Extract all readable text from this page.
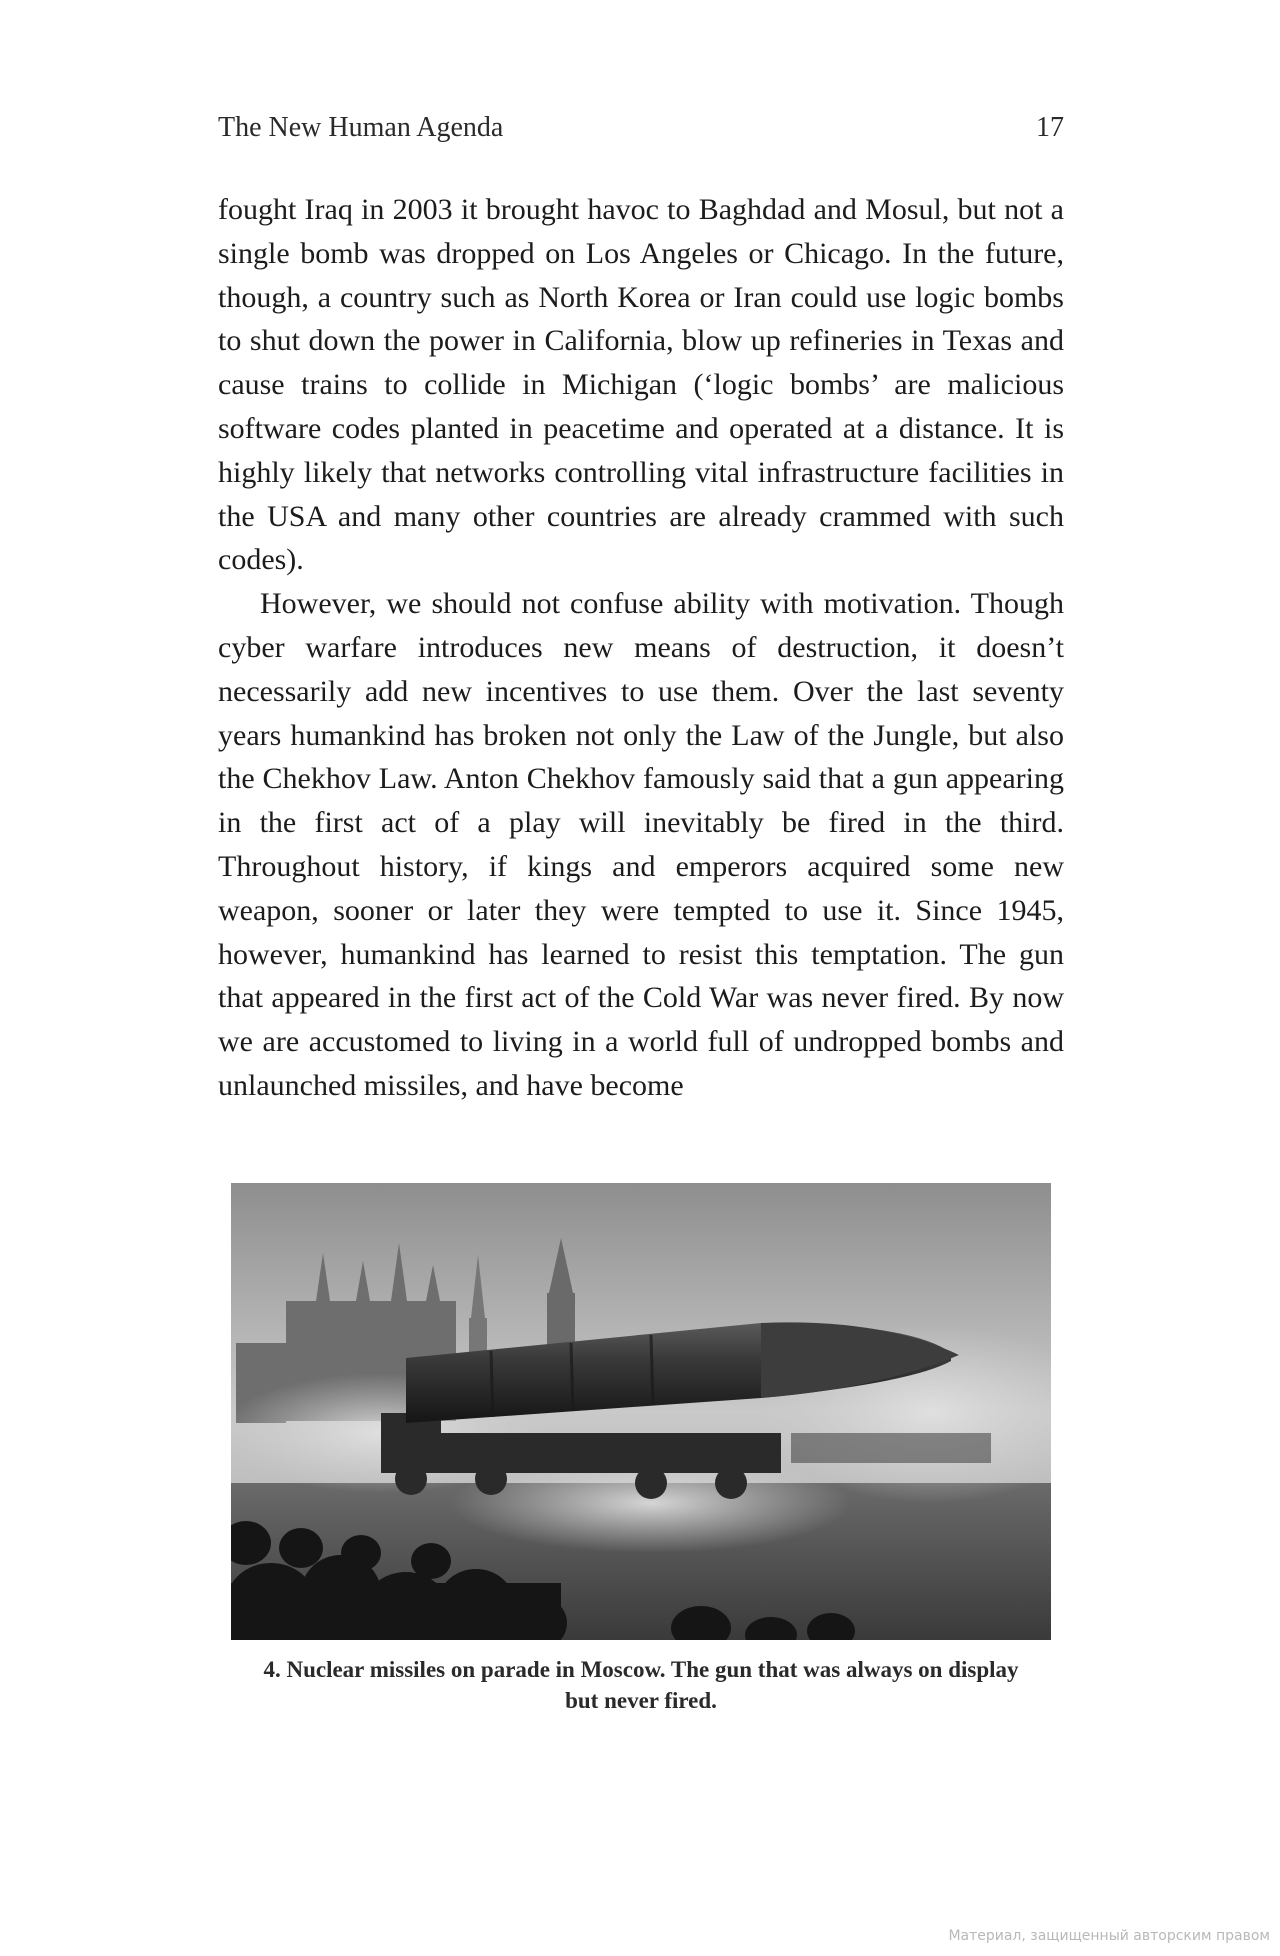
The New Human Agenda	17

fought Iraq in 2003 it brought havoc to Baghdad and Mosul, but not a single bomb was dropped on Los Angeles or Chicago. In the future, though, a country such as North Korea or Iran could use logic bombs to shut down the power in California, blow up refineries in Texas and cause trains to collide in Michigan (‘logic bombs’ are malicious software codes planted in peacetime and operated at a distance. It is highly likely that networks controlling vital infrastructure facilities in the USA and many other countries are already crammed with such codes).

However, we should not confuse ability with motivation. Though cyber warfare introduces new means of destruction, it doesn’t necessarily add new incentives to use them. Over the last seventy years humankind has broken not only the Law of the Jungle, but also the Chekhov Law. Anton Chekhov famously said that a gun appearing in the first act of a play will inevitably be fired in the third. Throughout history, if kings and emperors acquired some new weapon, sooner or later they were tempted to use it. Since 1945, however, humankind has learned to resist this temptation. The gun that appeared in the first act of the Cold War was never fired. By now we are accustomed to living in a world full of undropped bombs and unlaunched missiles, and have become

4. Nuclear missiles on parade in Moscow. The gun that was always on display but never fired.
Материал, защищенный авторским правом
